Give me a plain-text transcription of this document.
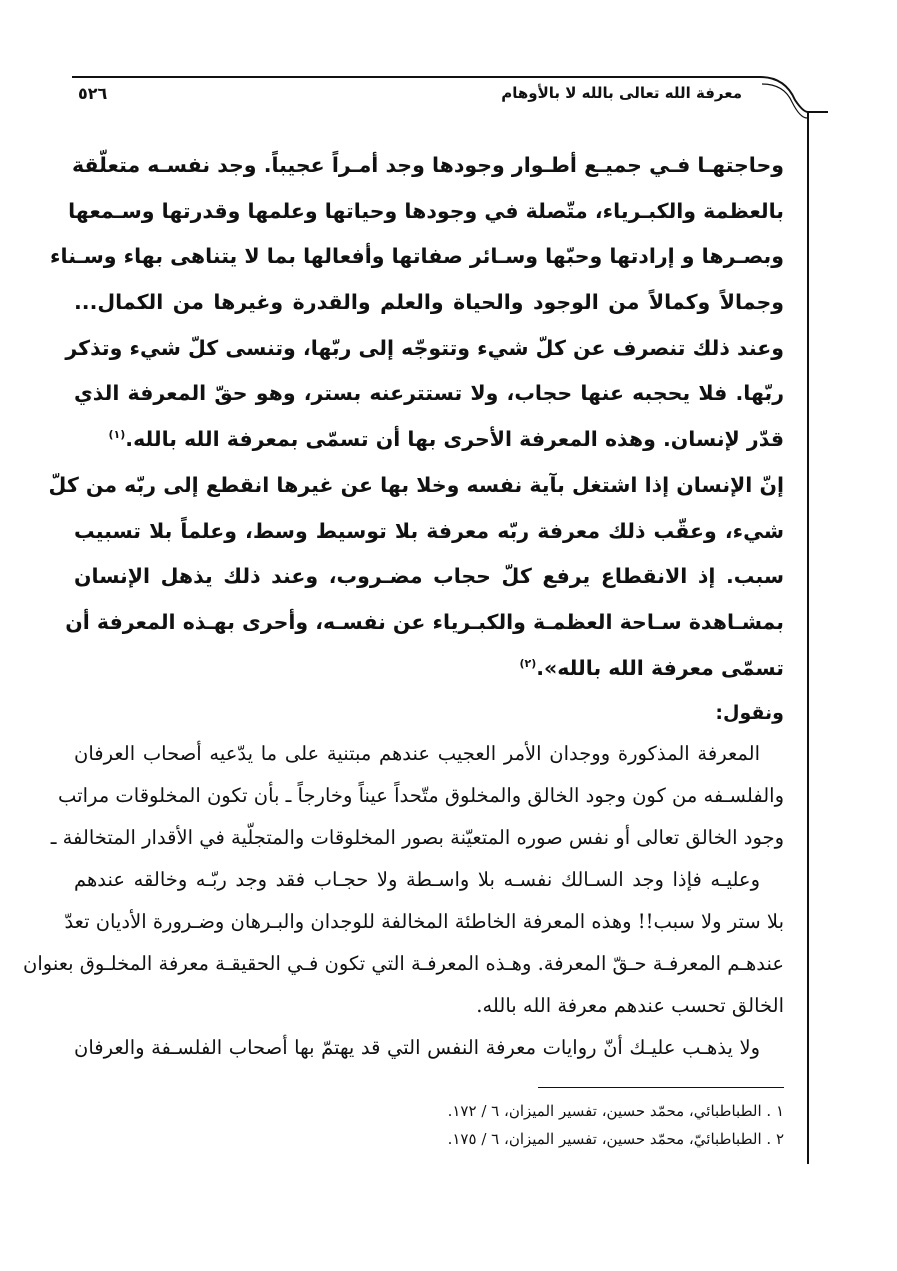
معرفة الله تعالى بالله لا بالأوهام
٥٢٦
وحاجتهـا فـي جميـع أطـوار وجودها وجد أمـراً عجيباً. وجد نفسـه متعلّقة
بالعظمة والكبـرياء، متّصلة في وجودها وحياتها وعلمها وقدرتها وسـمعها
وبصـرها و إرادتها وحبّها وسـائر صفاتها وأفعالها بما لا يتناهى بهاء وسـناء
وجمالاً وكمالاً من الوجود والحياة والعلم والقدرة وغيرها من الكمال...
وعند ذلك تنصرف عن كلّ شيء وتتوجّه إلى ربّها، وتنسى كلّ شيء وتذكر
ربّها. فلا يحجبه عنها حجاب، ولا تستترعنه بستر، وهو حقّ المعرفة الذي
قدّر لإنسان. وهذه المعرفة الأحرى بها أن تسمّى بمعرفة الله بالله.$^{(١)}$
إنّ الإنسان إذا اشتغل بآية نفسه وخلا بها عن غيرها انقطع إلى ربّه من كلّ
شيء، وعقّب ذلك معرفة ربّه معرفة بلا توسيط وسط، وعلماً بلا تسبيب
سبب. إذ الانقطاع يرفع كلّ حجاب مضـروب، وعند ذلك يذهل الإنسان
بمشـاهدة سـاحة العظمـة والكبـرياء عن نفسـه، وأحرى بهـذه المعرفة أن
تسمّى معرفة الله بالله».$^{(٢)}$
ونقول:
المعرفة المذكورة ووجدان الأمر العجيب عندهم مبتنية على ما يدّعيه أصحاب العرفان
والفلسـفه من كون وجود الخالق والمخلوق متّحداً عيناً وخارجاً ـ بأن تكون المخلوقات مراتب
وجود الخالق تعالى أو نفس صوره المتعيّنة بصور المخلوقات والمتجلّية في الأقدار المتخالفة ـ
وعليـه فإذا وجد السـالك نفسـه بلا واسـطة ولا حجـاب فقد وجد ربّـه وخالقه عندهم
بلا ستر ولا سبب!! وهذه المعرفة الخاطئة المخالفة للوجدان والبـرهان وضـرورة الأديان تعدّ
عندهـم المعرفـة حـقّ المعرفة. وهـذه المعرفـة التي تكون فـي الحقيقـة معرفة المخلـوق بعنوان
الخالق تحسب عندهم معرفة الله بالله.
ولا يذهـب عليـك أنّ روايات معرفة النفس التي قد يهتمّ بها أصحاب الفلسـفة والعرفان
١ . الطباطبائي، محمّد حسين، تفسير الميزان، ٦ / ١٧٢.
٢ . الطباطبائيّ، محمّد حسين، تفسير الميزان، ٦ / ١٧٥.
